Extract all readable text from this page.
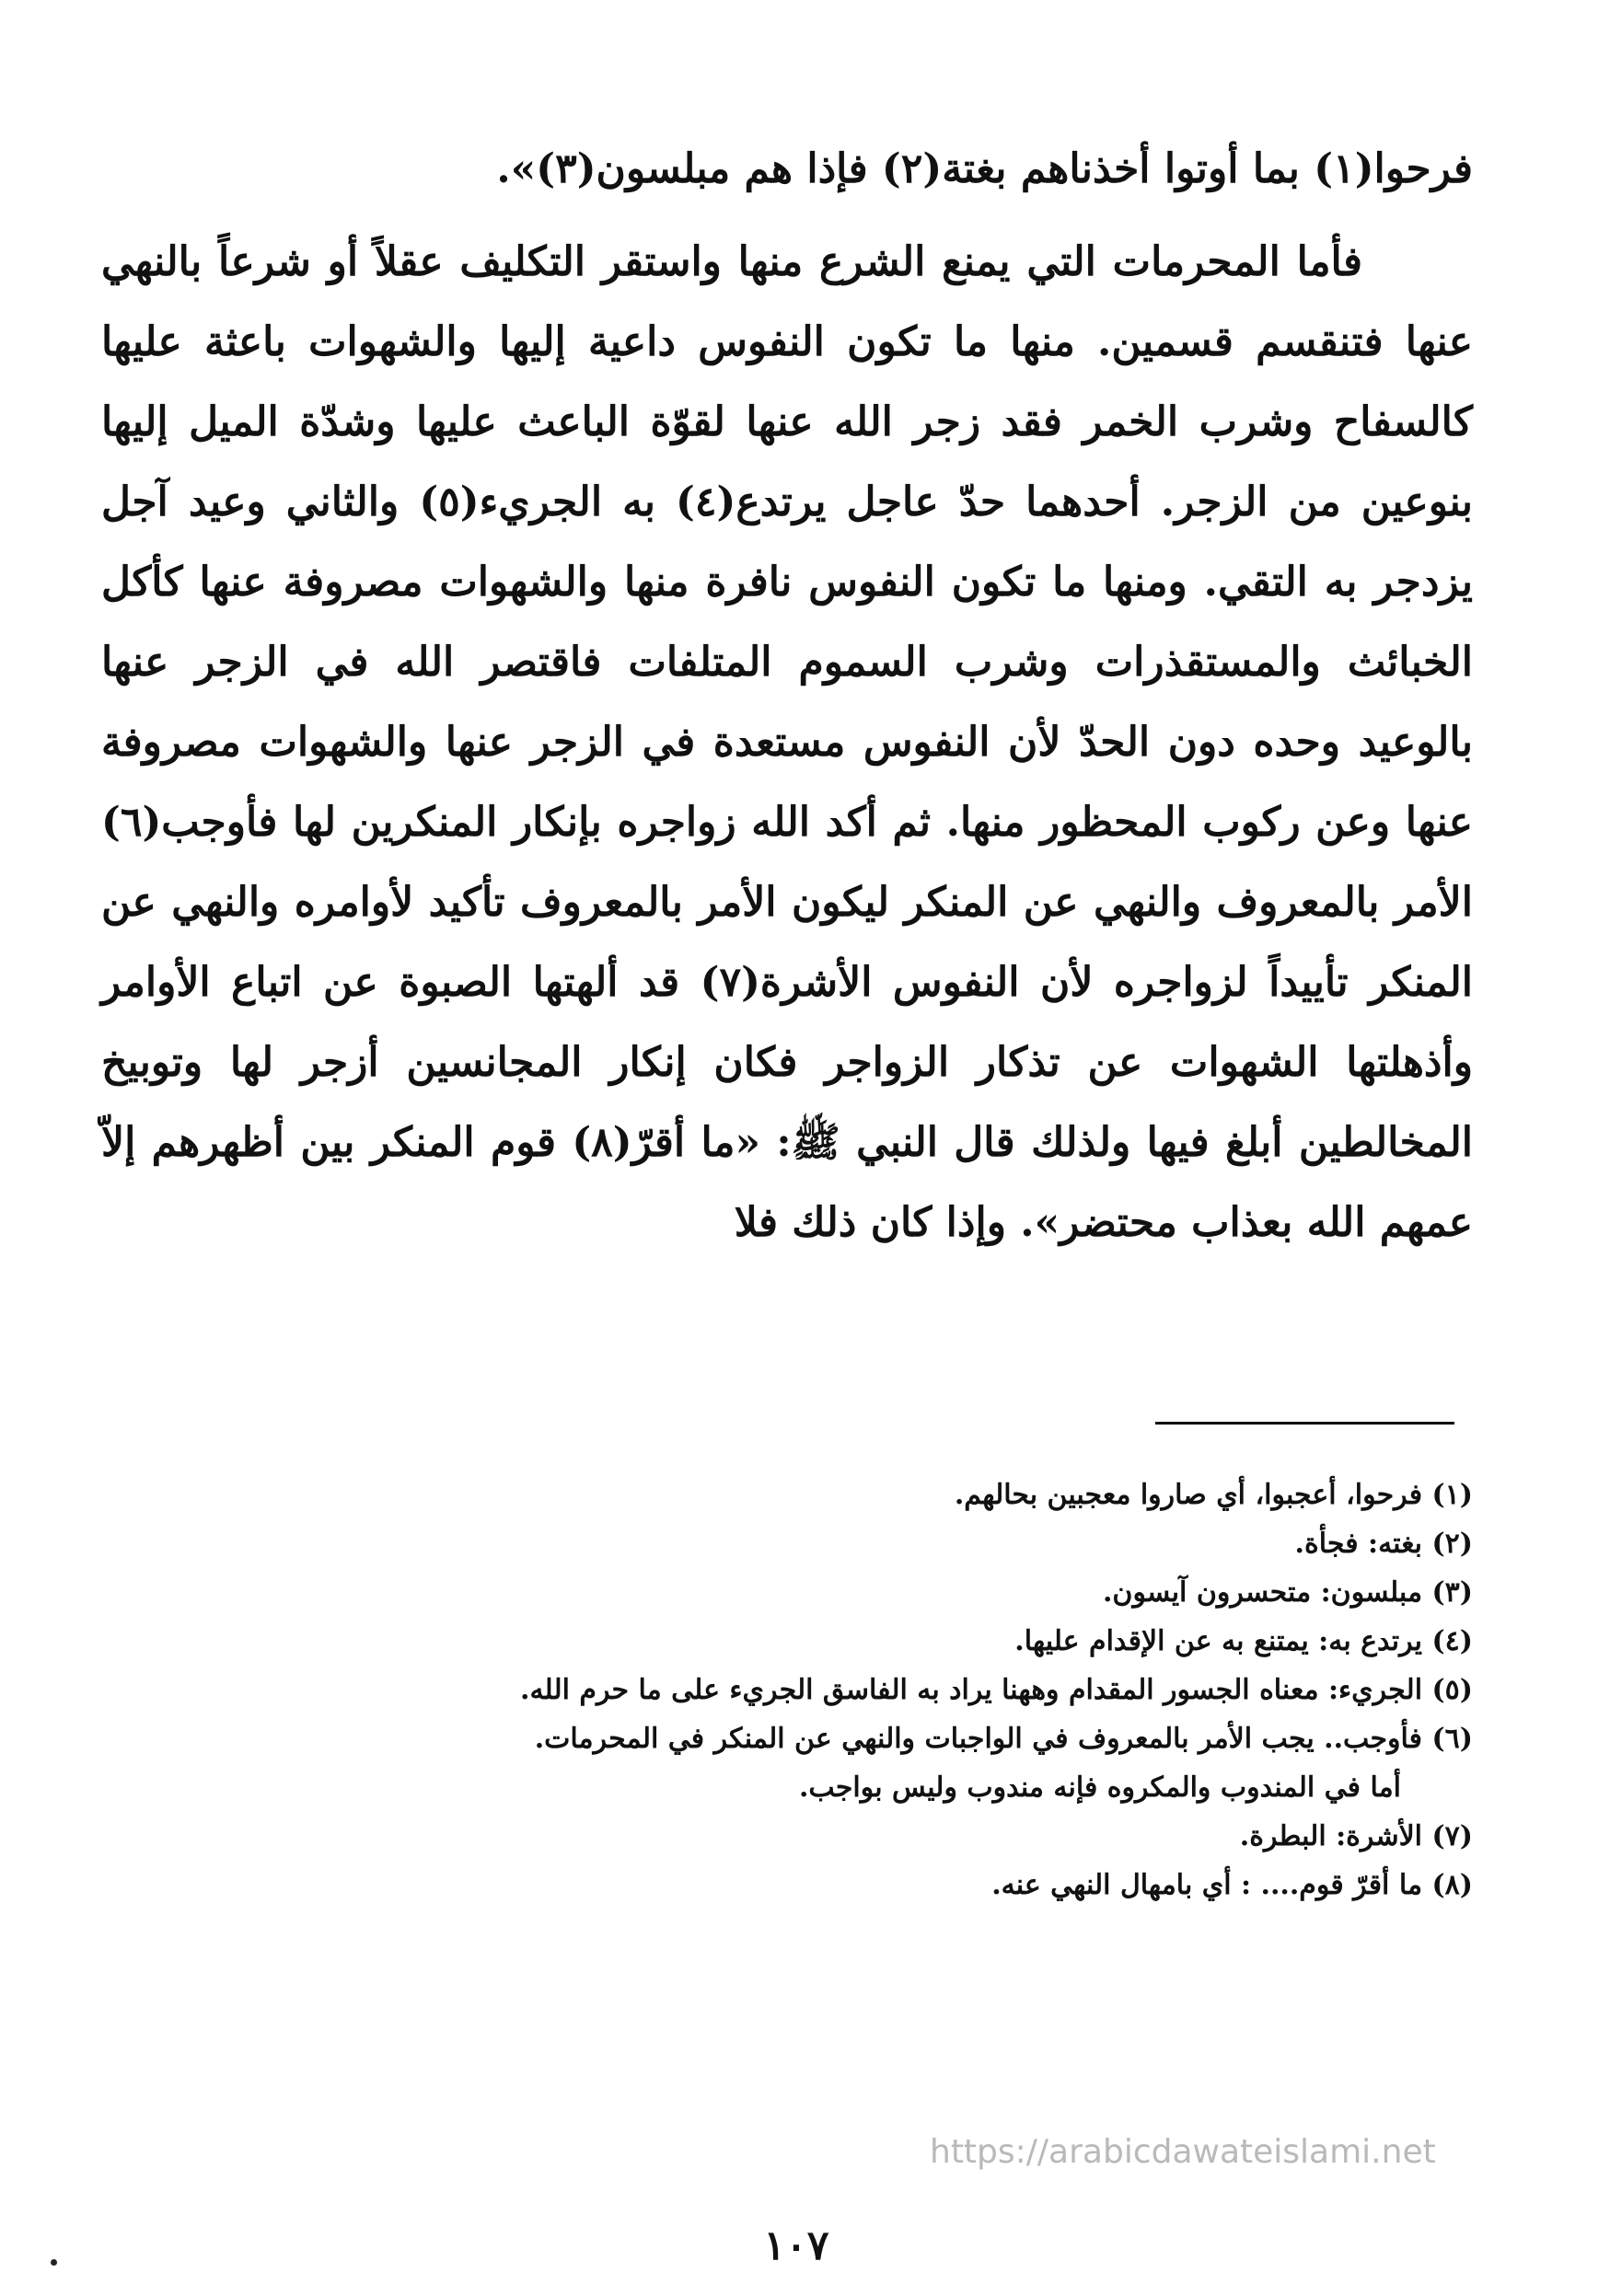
فرحوا(١) بما أوتوا أخذناهم بغتة(٢) فإذا هم مبلسون(٣)».

فأما المحرمات التي يمنع الشرع منها واستقر التكليف عقلاً أو شرعاً بالنهي عنها فتنقسم قسمين. منها ما تكون النفوس داعية إليها والشهوات باعثة عليها كالسفاح وشرب الخمر فقد زجر الله عنها لقوّة الباعث عليها وشدّة الميل إليها بنوعين من الزجر. أحدهما حدّ عاجل يرتدع(٤) به الجريء(٥) والثاني وعيد آجل يزدجر به التقي. ومنها ما تكون النفوس نافرة منها والشهوات مصروفة عنها كأكل الخبائث والمستقذرات وشرب السموم المتلفات فاقتصر الله في الزجر عنها بالوعيد وحده دون الحدّ لأن النفوس مستعدة في الزجر عنها والشهوات مصروفة عنها وعن ركوب المحظور منها. ثم أكد الله زواجره بإنكار المنكرين لها فأوجب(٦) الأمر بالمعروف والنهي عن المنكر ليكون الأمر بالمعروف تأكيد لأوامره والنهي عن المنكر تأييداً لزواجره لأن النفوس الأشرة(٧) قد ألهتها الصبوة عن اتباع الأوامر وأذهلتها الشهوات عن تذكار الزواجر فكان إنكار المجانسين أزجر لها وتوبيخ المخالطين أبلغ فيها ولذلك قال النبي ﷺ: «ما أقرّ(٨) قوم المنكر بين أظهرهم إلاّ عمهم الله بعذاب محتضر». وإذا كان ذلك فلا

(١) فرحوا، أعجبوا، أي صاروا معجبين بحالهم.
(٢) بغته: فجأة.
(٣) مبلسون: متحسرون آيسون.
(٤) يرتدع به: يمتنع به عن الإقدام عليها.
(٥) الجريء: معناه الجسور المقدام وههنا يراد به الفاسق الجريء على ما حرم الله.
(٦) فأوجب.. يجب الأمر بالمعروف في الواجبات والنهي عن المنكر في المحرمات.
أما في المندوب والمكروه فإنه مندوب وليس بواجب.
(٧) الأشرة: البطرة.
(٨) ما أقرّ قوم.... : أي بامهال النهي عنه.
https://arabicdawateislami.net
١٠٧
